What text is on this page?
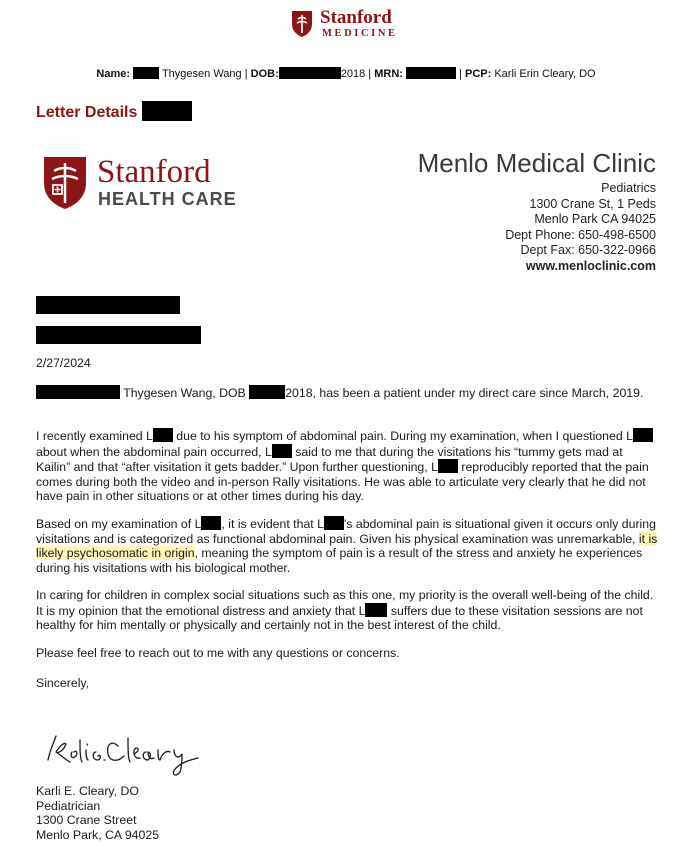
Stanford
MEDICINE
Name:	Thygesen Wang | DOB:	2018 | MRN:	| PCP: Karli Erin Cleary, DO
Letter Details
Stanford
HEALTH CARE
Menlo Medical Clinic
Pediatrics
1300 Crane St, 1 Peds
Menlo Park CA 94025
Dept Phone: 650-498-6500
Dept Fax: 650-322-0966
www.menloclinic.com
2/27/2024
Thygesen Wang, DOB	2018, has been a patient under my direct care since March, 2019.
I recently examined L due to his symptom of abdominal pain. During my examination, when I questioned L about when the abdominal pain occurred, L said to me that during the visitations his “tummy gets mad at Kailin” and that “after visitation it gets badder.” Upon further questioning, L reproducibly reported that the pain comes during both the video and in-person Rally visitations. He was able to articulate very clearly that he did not have pain in other situations or at other times during his day.
Based on my examination of L , it is evident that L 's abdominal pain is situational given it occurs only during visitations and is categorized as functional abdominal pain. Given his physical examination was unremarkable, it is likely psychosomatic in origin, meaning the symptom of pain is a result of the stress and anxiety he experiences during his visitations with his biological mother.
In caring for children in complex social situations such as this one, my priority is the overall well-being of the child. It is my opinion that the emotional distress and anxiety that L suffers due to these visitation sessions are not healthy for him mentally or physically and certainly not in the best interest of the child.
Please feel free to reach out to me with any questions or concerns.
Sincerely,
Karli E. Cleary, DO
Pediatrician
1300 Crane Street
Menlo Park, CA 94025
